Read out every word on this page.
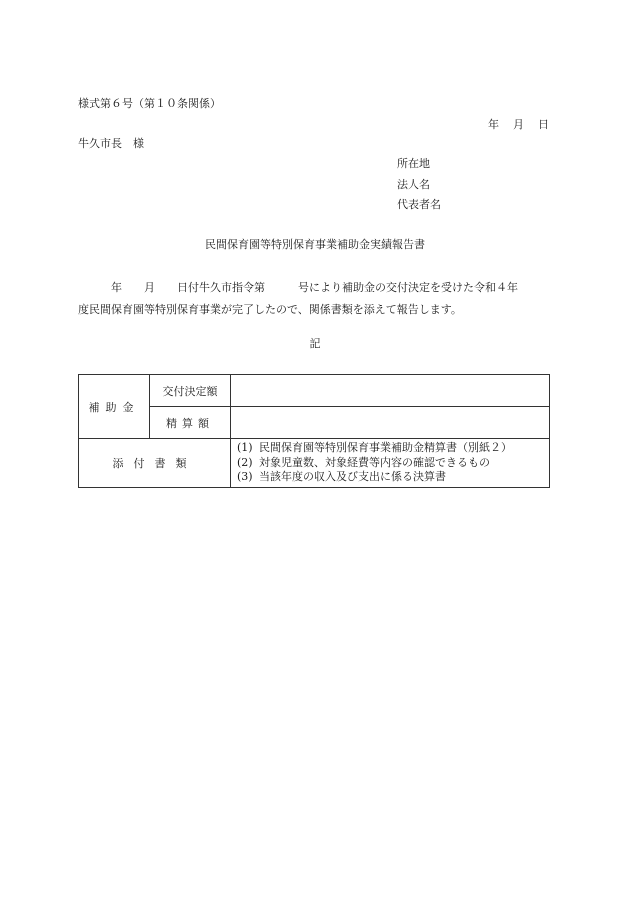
様式第６号（第１０条関係）
年 月 日
牛久市長　様
所在地
法人名
代表者名
民間保育園等特別保育事業補助金実績報告書
　　　年　　月　　日付牛久市指令第　　　号により補助金の交付決定を受けた令和４年
度民間保育園等特別保育事業が完了したので、関係書類を添えて報告します。
記
補助金	交付決定額	
	精算額	
添付書類		(1) 民間保育園等特別保育事業補助金精算書（別紙２）
(2) 対象児童数、対象経費等内容の確認できるもの
(3) 当該年度の収入及び支出に係る決算書
